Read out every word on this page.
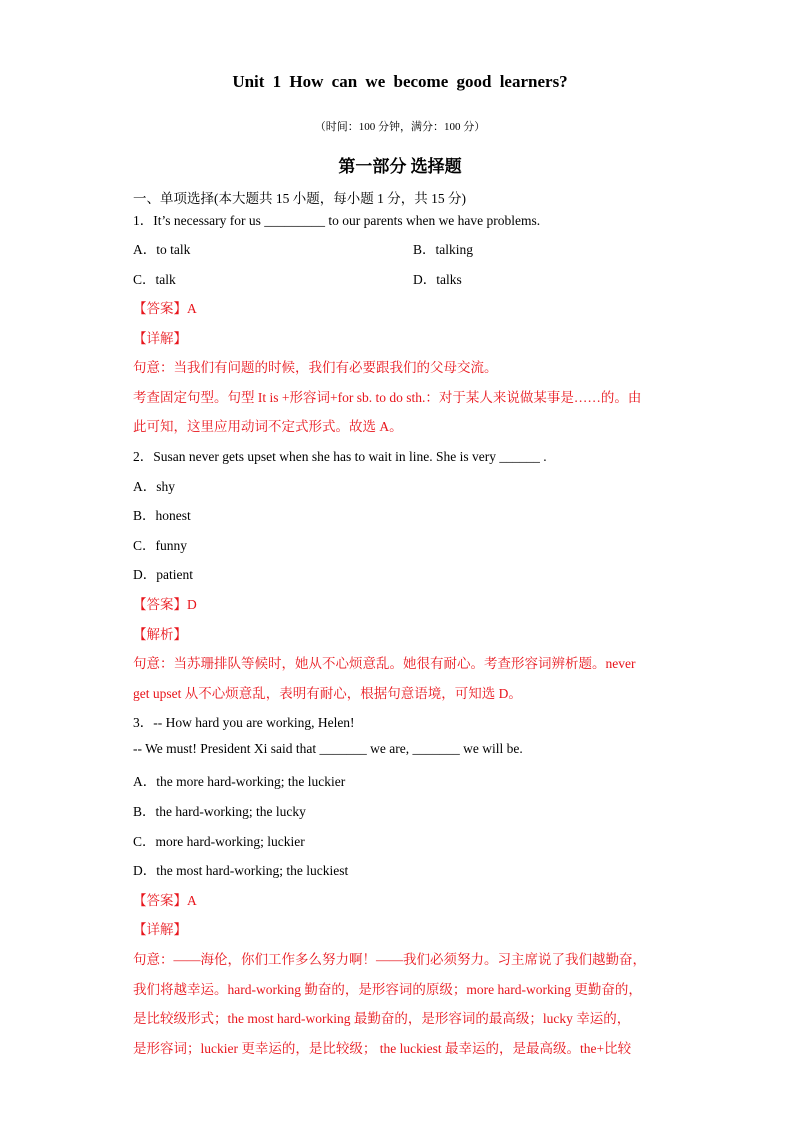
Unit 1 How can we become good learners?
（时间：100 分钟，满分：100 分）
第一部分 选择题
一、单项选择(本大题共 15 小题，每小题 1 分，共 15 分)
1．It’s necessary for us _________ to our parents when we have problems.
A．to talk	B．talking
C．talk	D．talks
【答案】A
【详解】
句意：当我们有问题的时候，我们有必要跟我们的父母交流。
考查固定句型。句型 It is +形容词+for sb. to do sth.：对于某人来说做某事是……的。由
此可知，这里应用动词不定式形式。故选 A。
2．Susan never gets upset when she has to wait in line. She is very ______ .
A．shy
B．honest
C．funny
D．patient
【答案】D
【解析】
句意：当苏珊排队等候时，她从不心烦意乱。她很有耐心。考查形容词辨析题。never
get upset 从不心烦意乱，表明有耐心，根据句意语境，可知选 D。
3．-- How hard you are working, Helen!
-- We must! President Xi said that _______ we are, _______ we will be.
A．the more hard-working; the luckier
B．the hard-working; the lucky
C．more hard-working; luckier
D．the most hard-working; the luckiest
【答案】A
【详解】
句意：——海伦，你们工作多么努力啊！——我们必须努力。习主席说了我们越勤奋，
我们将越幸运。hard-working 勤奋的，是形容词的原级；more hard-working 更勤奋的，
是比较级形式；the most hard-working 最勤奋的，是形容词的最高级；lucky 幸运的，
是形容词；luckier 更幸运的，是比较级； the luckiest 最幸运的，是最高级。the+比较
